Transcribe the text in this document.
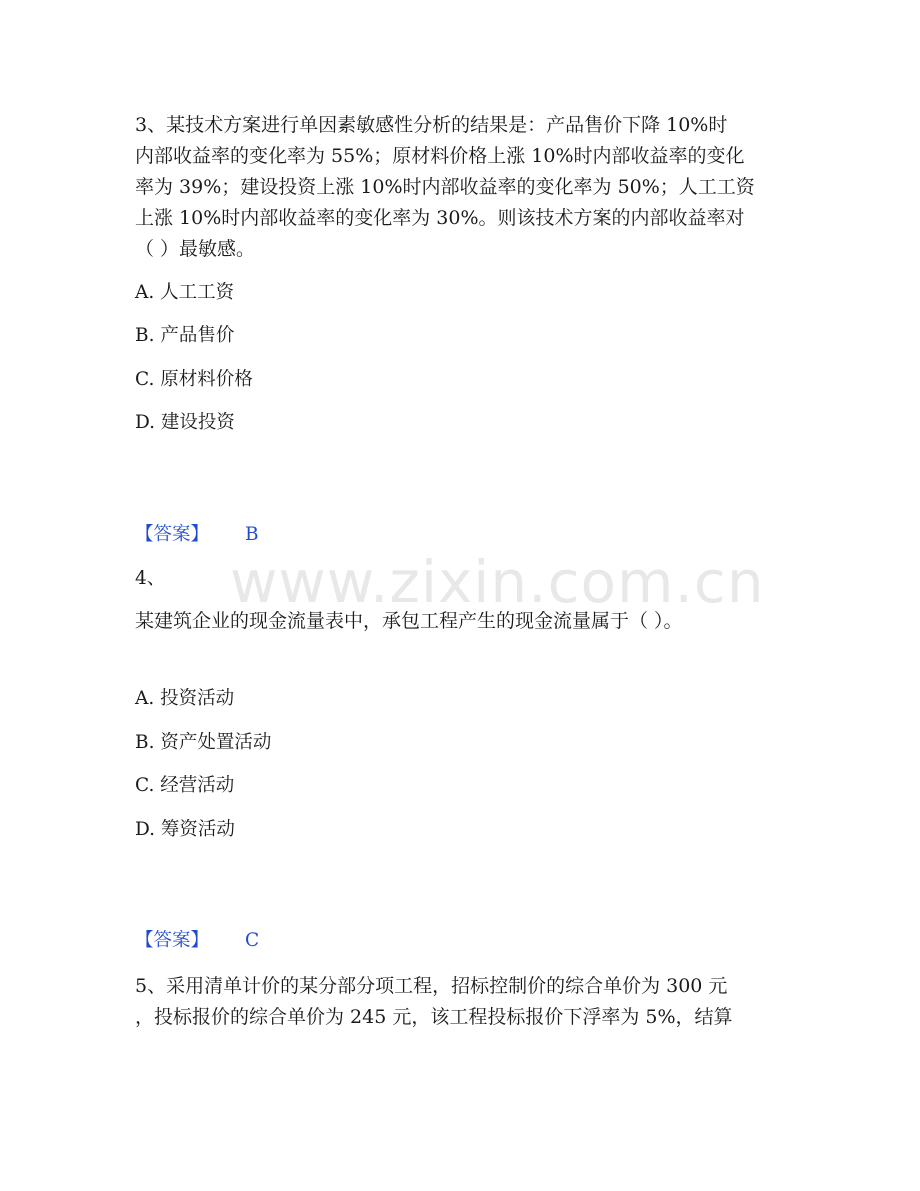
www.zixin.com.cn
3、某技术方案进行单因素敏感性分析的结果是：产品售价下降 10%时
内部收益率的变化率为 55%；原材料价格上涨 10%时内部收益率的变化
率为 39%；建设投资上涨 10%时内部收益率的变化率为 50%；人工工资
上涨 10%时内部收益率的变化率为 30%。则该技术方案的内部收益率对
（ ）最敏感。
A. 人工工资
B. 产品售价
C. 原材料价格
D. 建设投资
【答案】 B
4、
某建筑企业的现金流量表中，承包工程产生的现金流量属于（ ）。
A. 投资活动
B. 资产处置活动
C. 经营活动
D. 筹资活动
【答案】 C
5、采用清单计价的某分部分项工程，招标控制价的综合单价为 300 元
，投标报价的综合单价为 245 元，该工程投标报价下浮率为 5%，结算
